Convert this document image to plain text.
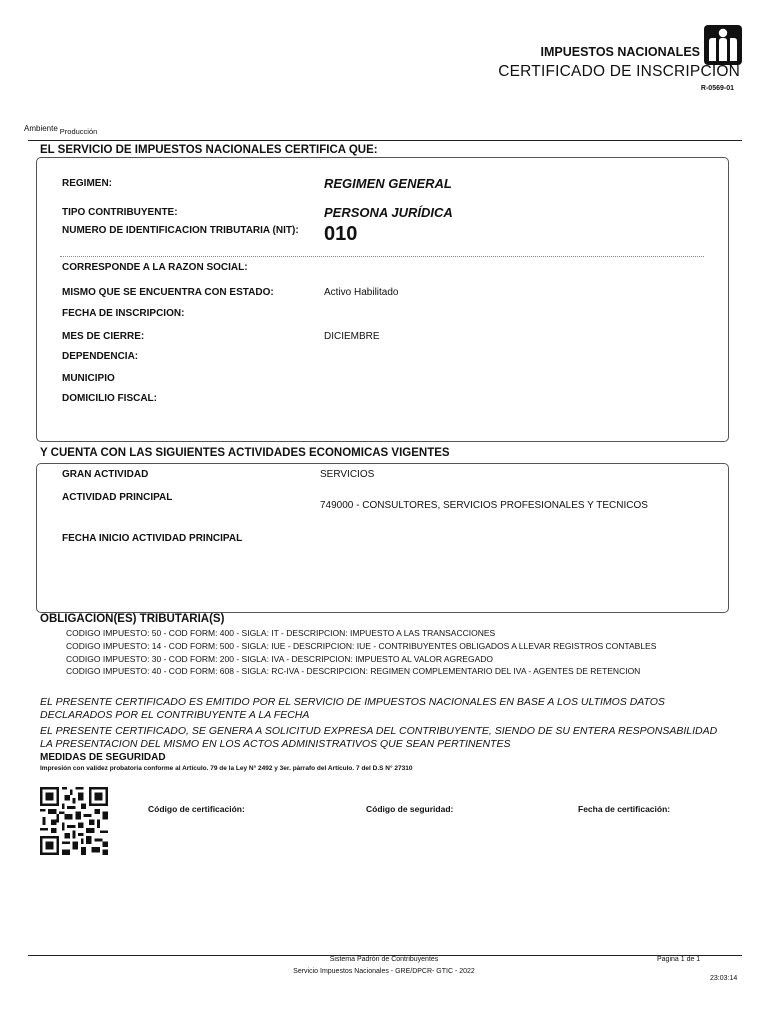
IMPUESTOS NACIONALES
CERTIFICADO DE INSCRIPCION
R-0569-01
Ambiente Producción
EL SERVICIO DE IMPUESTOS NACIONALES CERTIFICA QUE:
REGIMEN:	REGIMEN GENERAL
TIPO CONTRIBUYENTE:	PERSONA JURÍDICA
NUMERO DE IDENTIFICACION TRIBUTARIA (NIT): 010
CORRESPONDE A LA RAZON SOCIAL:
MISMO QUE SE ENCUENTRA CON ESTADO:	Activo Habilitado
FECHA DE INSCRIPCION:
MES DE CIERRE:	DICIEMBRE
DEPENDENCIA:
MUNICIPIO
DOMICILIO FISCAL:
Y CUENTA CON LAS SIGUIENTES ACTIVIDADES ECONOMICAS VIGENTES
GRAN ACTIVIDAD	SERVICIOS
ACTIVIDAD PRINCIPAL
749000 - CONSULTORES, SERVICIOS PROFESIONALES Y TECNICOS
FECHA INICIO ACTIVIDAD PRINCIPAL
OBLIGACION(ES) TRIBUTARIA(S)
CODIGO IMPUESTO: 50 - COD FORM: 400 - SIGLA: IT - DESCRIPCION: IMPUESTO A LAS TRANSACCIONES
CODIGO IMPUESTO: 14 - COD FORM: 500 - SIGLA: IUE - DESCRIPCION: IUE - CONTRIBUYENTES OBLIGADOS A LLEVAR REGISTROS CONTABLES
CODIGO IMPUESTO: 30 - COD FORM: 200 - SIGLA: IVA - DESCRIPCION: IMPUESTO AL VALOR AGREGADO
CODIGO IMPUESTO: 40 - COD FORM: 608 - SIGLA: RC-IVA - DESCRIPCION: REGIMEN COMPLEMENTARIO DEL IVA - AGENTES DE RETENCION
EL PRESENTE CERTIFICADO ES EMITIDO POR EL SERVICIO DE IMPUESTOS NACIONALES EN BASE A LOS ULTIMOS DATOS DECLARADOS POR EL CONTRIBUYENTE A LA FECHA
EL PRESENTE CERTIFICADO, SE GENERA A SOLICITUD EXPRESA DEL CONTRIBUYENTE, SIENDO DE SU ENTERA RESPONSABILIDAD LA PRESENTACION DEL MISMO EN LOS ACTOS ADMINISTRATIVOS QUE SEAN PERTINENTES
MEDIDAS DE SEGURIDAD
Impresión con validez probatoria conforme al Artículo. 79 de la Ley N° 2492 y 3er. párrafo del Artículo. 7 del D.S N° 27310
Código de certificación:	Código de seguridad:	Fecha de certificación:
Sistema Padrón de Contribuyentes
Servicio Impuestos Nacionales - GRE/DPCR- GTIC - 2022
Pagina 1 de 1
23:03:14
